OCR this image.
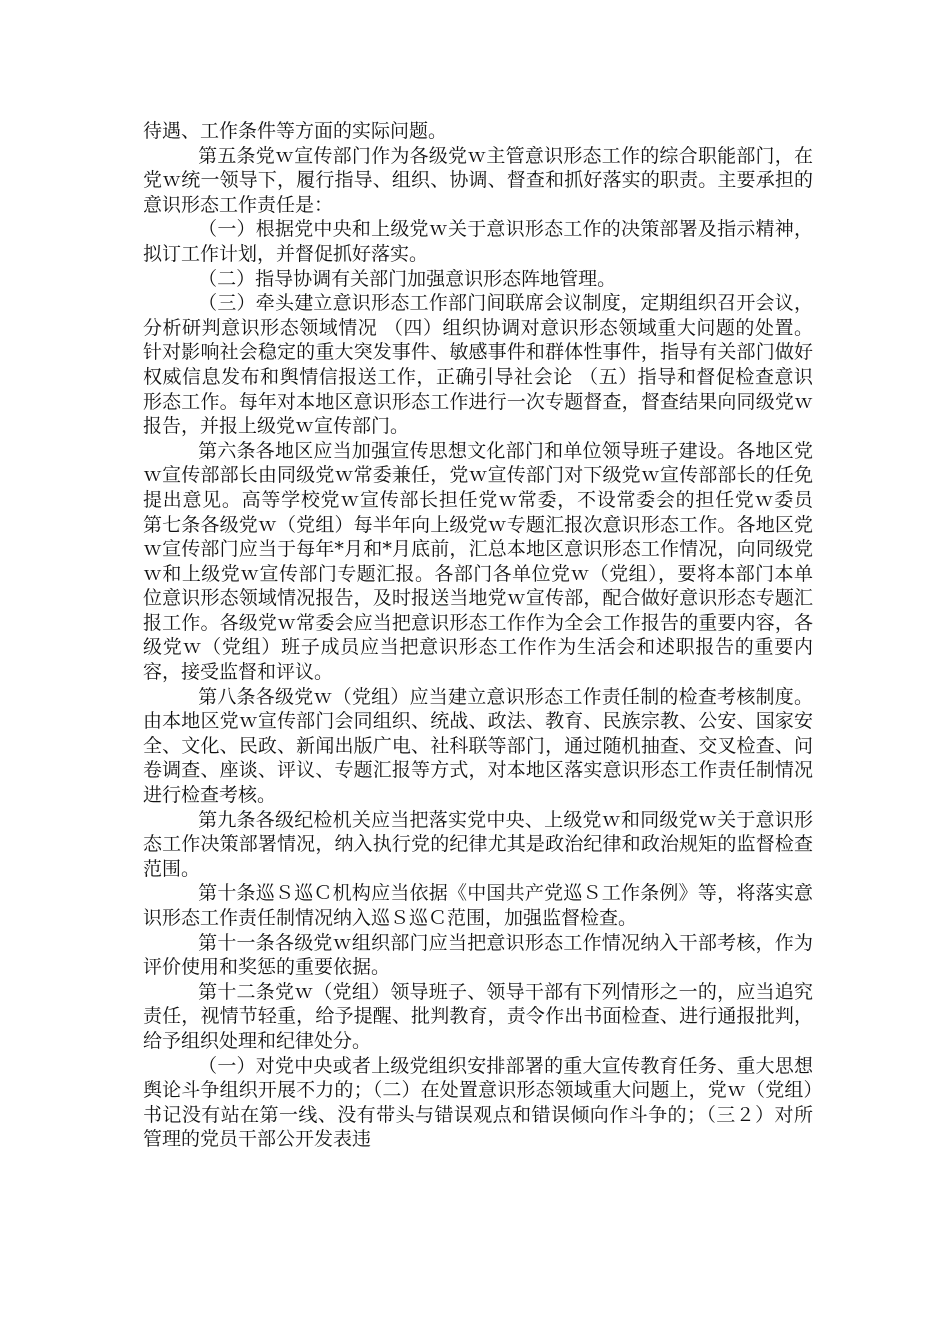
待遇、工作条件等方面的实际问题。

第五条党ｗ宣传部门作为各级党ｗ主管意识形态工作的综合职能部门，在党ｗ统一领导下，履行指导、组织、协调、督查和抓好落实的职责。主要承担的意识形态工作责任是：

（一）根据党中央和上级党ｗ关于意识形态工作的决策部署及指示精神，拟订工作计划，并督促抓好落实。

（二）指导协调有关部门加强意识形态阵地管理。

（三）牵头建立意识形态工作部门间联席会议制度，定期组织召开会议，分析研判意识形态领域情况 （四）组织协调对意识形态领域重大问题的处置。针对影响社会稳定的重大突发事件、敏感事件和群体性事件，指导有关部门做好权威信息发布和舆情信报送工作，正确引导社会论 （五）指导和督促检查意识形态工作。每年对本地区意识形态工作进行一次专题督查，督查结果向同级党ｗ报告，并报上级党ｗ宣传部门。

第六条各地区应当加强宣传思想文化部门和单位领导班子建设。各地区党ｗ宣传部部长由同级党ｗ常委兼任，党ｗ宣传部门对下级党ｗ宣传部部长的任免提出意见。高等学校党ｗ宣传部长担任党ｗ常委，不设常委会的担任党ｗ委员 第七条各级党ｗ（党组）每半年向上级党ｗ专题汇报次意识形态工作。各地区党ｗ宣传部门应当于每年*月和*月底前，汇总本地区意识形态工作情况，向同级党ｗ和上级党ｗ宣传部门专题汇报。各部门各单位党ｗ（党组），要将本部门本单位意识形态领域情况报告，及时报送当地党ｗ宣传部，配合做好意识形态专题汇报工作。各级党ｗ常委会应当把意识形态工作作为全会工作报告的重要内容，各级党ｗ（党组）班子成员应当把意识形态工作作为生活会和述职报告的重要内容，接受监督和评议。

第八条各级党ｗ（党组）应当建立意识形态工作责任制的检查考核制度。由本地区党ｗ宣传部门会同组织、统战、政法、教育、民族宗教、公安、国家安全、文化、民政、新闻出版广电、社科联等部门，通过随机抽查、交叉检查、问卷调查、座谈、评议、专题汇报等方式，对本地区落实意识形态工作责任制情况进行检查考核。

第九条各级纪检机关应当把落实党中央、上级党ｗ和同级党ｗ关于意识形态工作决策部署情况，纳入执行党的纪律尤其是政治纪律和政治规矩的监督检查范围。

第十条巡Ｓ巡Ｃ机构应当依据《中国共产党巡Ｓ工作条例》等，将落实意识形态工作责任制情况纳入巡Ｓ巡Ｃ范围，加强监督检查。

第十一条各级党ｗ组织部门应当把意识形态工作情况纳入干部考核，作为评价使用和奖惩的重要依据。

第十二条党ｗ（党组）领导班子、领导干部有下列情形之一的，应当追究责任，视情节轻重，给予提醒、批判教育，责令作出书面检查、进行通报批判，给予组织处理和纪律处分。

（一）对党中央或者上级党组织安排部署的重大宣传教育任务、重大思想舆论斗争组织开展不力的；（二）在处置意识形态领域重大问题上，党ｗ（党组）书记没有站在第一线、没有带头与错误观点和错误倾向作斗争的；（三２）对所管理的党员干部公开发表违
